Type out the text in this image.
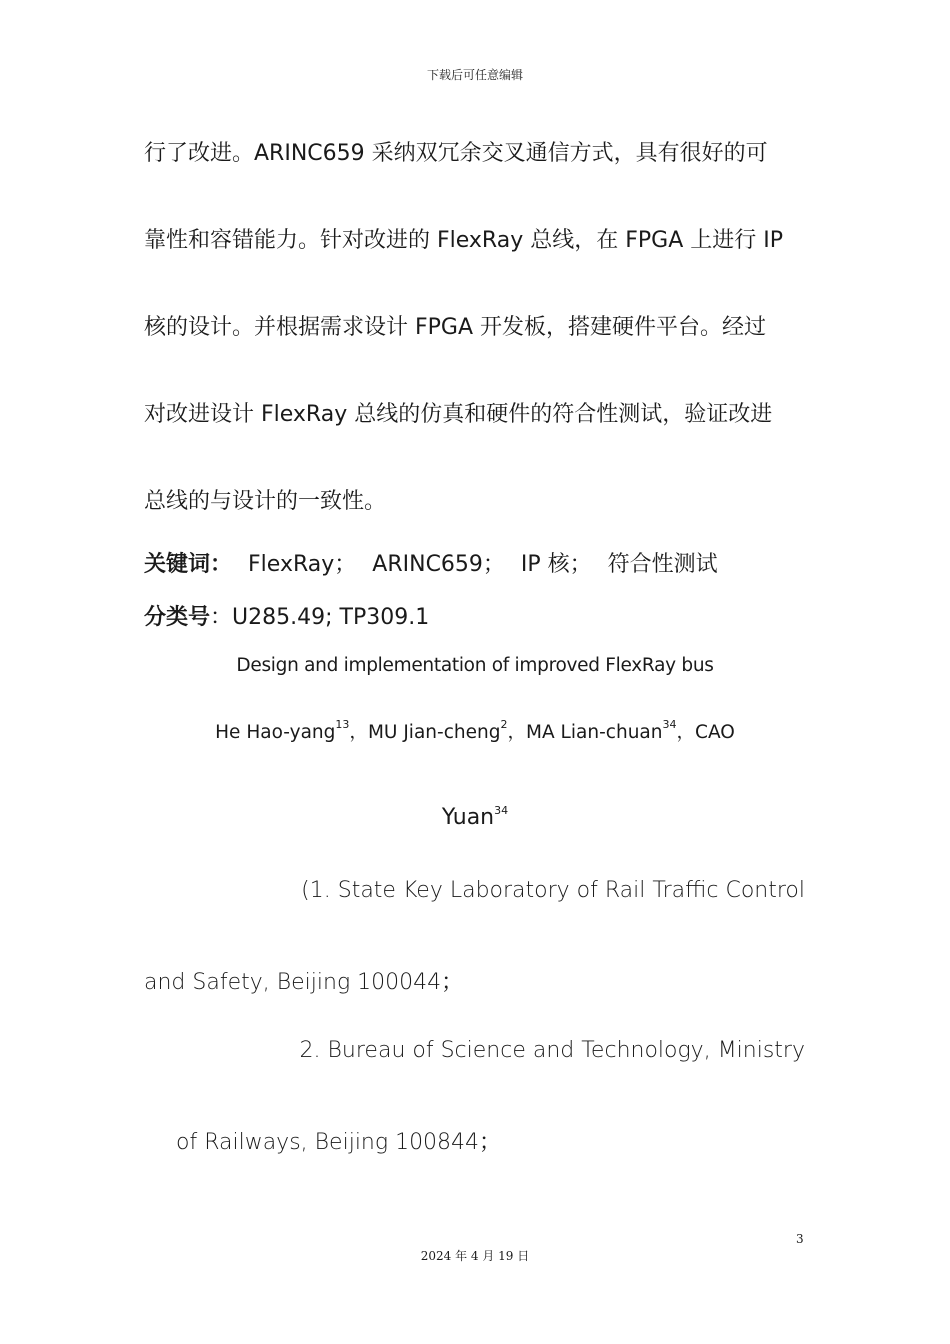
下载后可任意编辑
行了改进。ARINC659 采纳双冗余交叉通信方式，具有很好的可
靠性和容错能力。针对改进的 FlexRay 总线，在 FPGA 上进行 IP
核的设计。并根据需求设计 FPGA 开发板，搭建硬件平台。经过
对改进设计 FlexRay 总线的仿真和硬件的符合性测试，验证改进
总线的与设计的一致性。
关键词： FlexRay； ARINC659； IP 核； 符合性测试
分类号：U285.49; TP309.1
Design and implementation of improved FlexRay bus
He Hao-yang$^{13}$，MU Jian-cheng$^2$，MA Lian-chuan$^{34}$，CAO
Yuan$^{34}$
(1. State Key Laboratory of Rail Traffic Control
and Safety, Beijing 100044；
2. Bureau of Science and Technology, Ministry
of Railways, Beijing 100844；
3
2024 年 4 月 19 日
